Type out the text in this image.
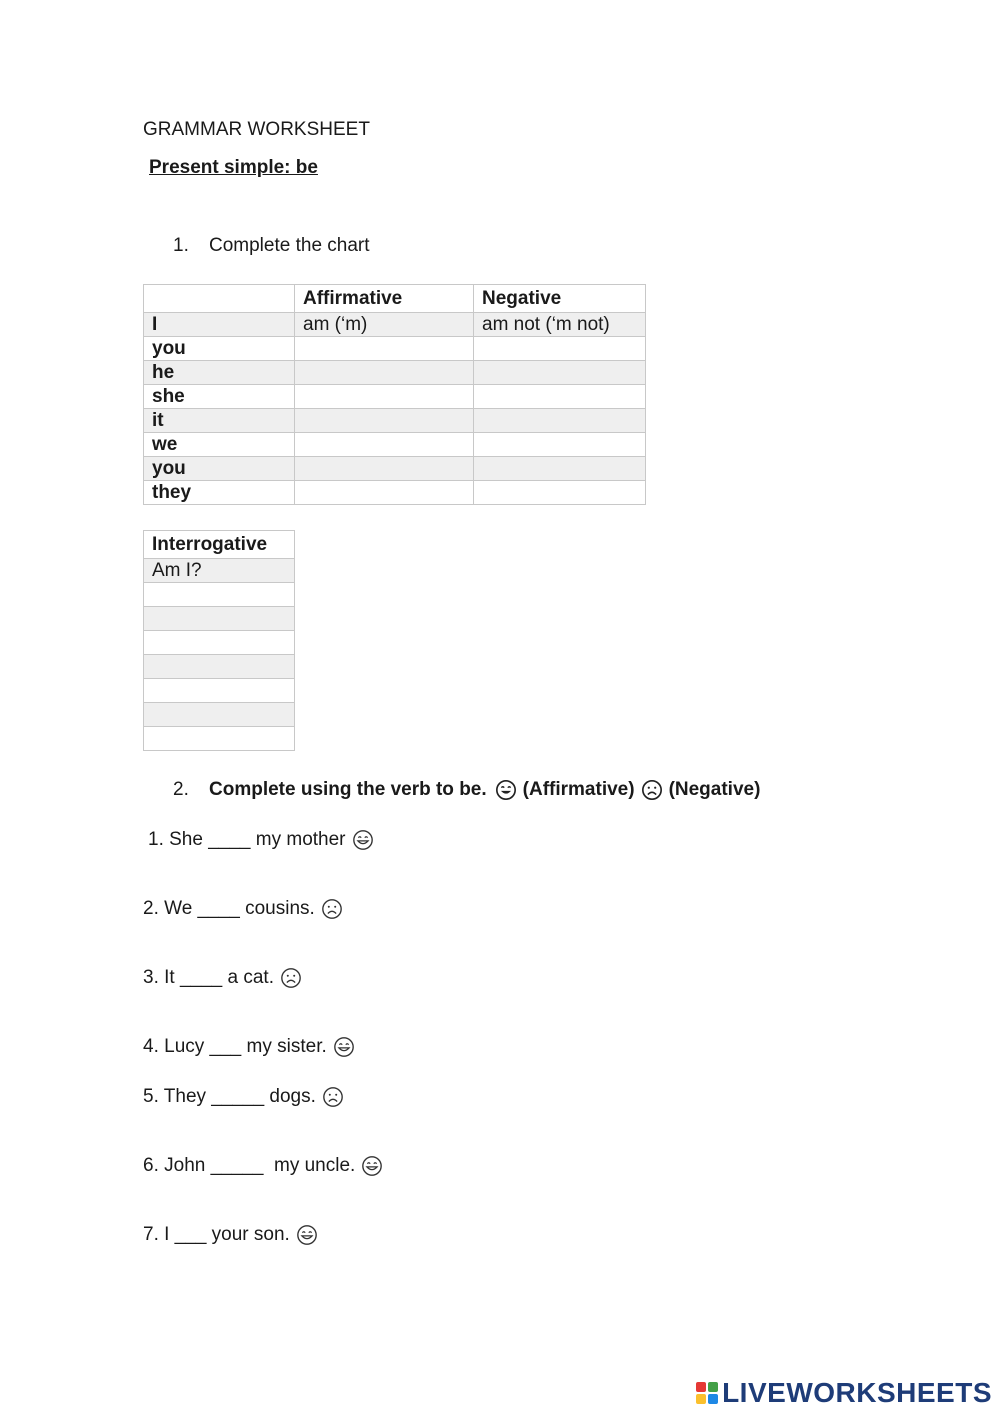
GRAMMAR WORKSHEET
Present simple: be
1.	Complete the chart
	Affirmative	Negative
I	am (‘m)	am not (‘m not)
you		
he		
she		
it		
we		
you		
they		
Interrogative
Am I?

2.	Complete using the verb to be. (Affirmative) (Negative)
1. She ____ my mother
2. We ____ cousins.
3. It ____ a cat.
4. Lucy ___ my sister.
5. They _____ dogs.
6. John _____  my uncle.
7. I ___ your son.
LIVEWORKSHEETS
